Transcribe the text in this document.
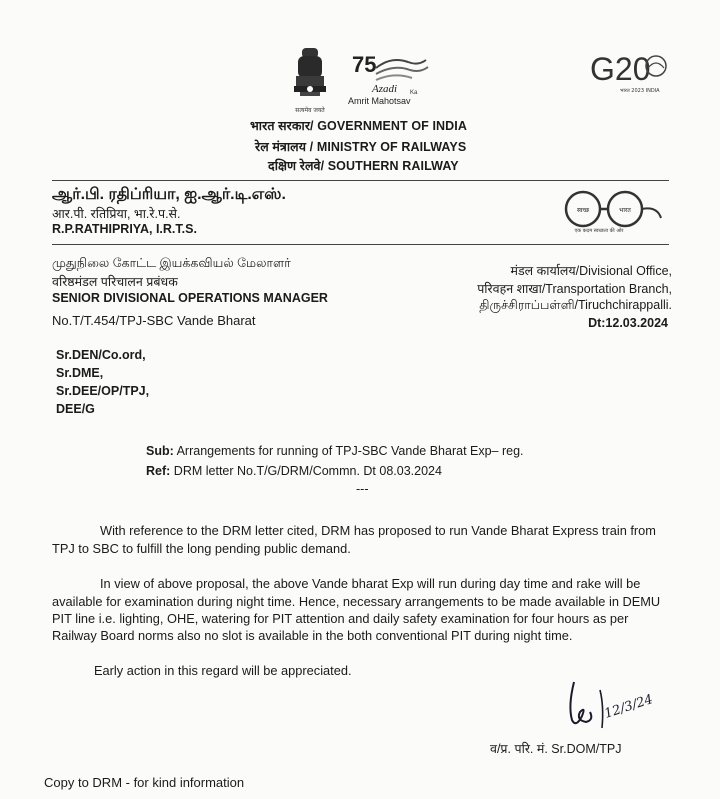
सत्यमेव जयते
75
Azadi Ka
Amrit Mahotsav
G20
भारत 2023 INDIA
भारत सरकार/ GOVERNMENT OF INDIA
रेल मंत्रालय / MINISTRY OF RAILWAYS
दक्षिण रेलवे/ SOUTHERN RAILWAY
ஆர்.பி. ரதிப்ரியா, ஐ.ஆர்.டி.எஸ்.
आर.पी. रतिप्रिया, भा.रे.प.से.
R.P.RATHIPRIYA, I.R.T.S.
स्वच्छ	भारत
एक कदम स्वच्छता की ओर
முதுநிலை கோட்ட இயக்கவியல் மேலாளர்
वरिष्ठमंडल परिचालन प्रबंधक
SENIOR DIVISIONAL OPERATIONS MANAGER
No.T/T.454/TPJ-SBC Vande Bharat
मंडल कार्यालय/Divisional Office,
परिवहन शाखा/Transportation Branch,
திருச்சிராப்பள்ளி/Tiruchchirappalli.
Dt:12.03.2024
Sr.DEN/Co.ord,
Sr.DME,
Sr.DEE/OP/TPJ,
DEE/G
Sub: Arrangements for running of TPJ-SBC Vande Bharat Exp– reg.
Ref: DRM letter No.T/G/DRM/Commn. Dt 08.03.2024
---
With reference to the DRM letter cited, DRM has proposed to run Vande Bharat Express train from
TPJ to SBC to fulfill the long pending public demand.
In view of above proposal, the above Vande bharat Exp will run during day time and rake will be
available for examination during night time. Hence, necessary arrangements to be made available in DEMU
PIT line i.e. lighting, OHE, watering for PIT attention and daily safety examination for four hours as per
Railway Board norms also no slot is available in the both conventional PIT during night time.
Early action in this regard will be appreciated.
12/3/24
व/प्र. परि. मं. Sr.DOM/TPJ
Copy to DRM - for kind information
